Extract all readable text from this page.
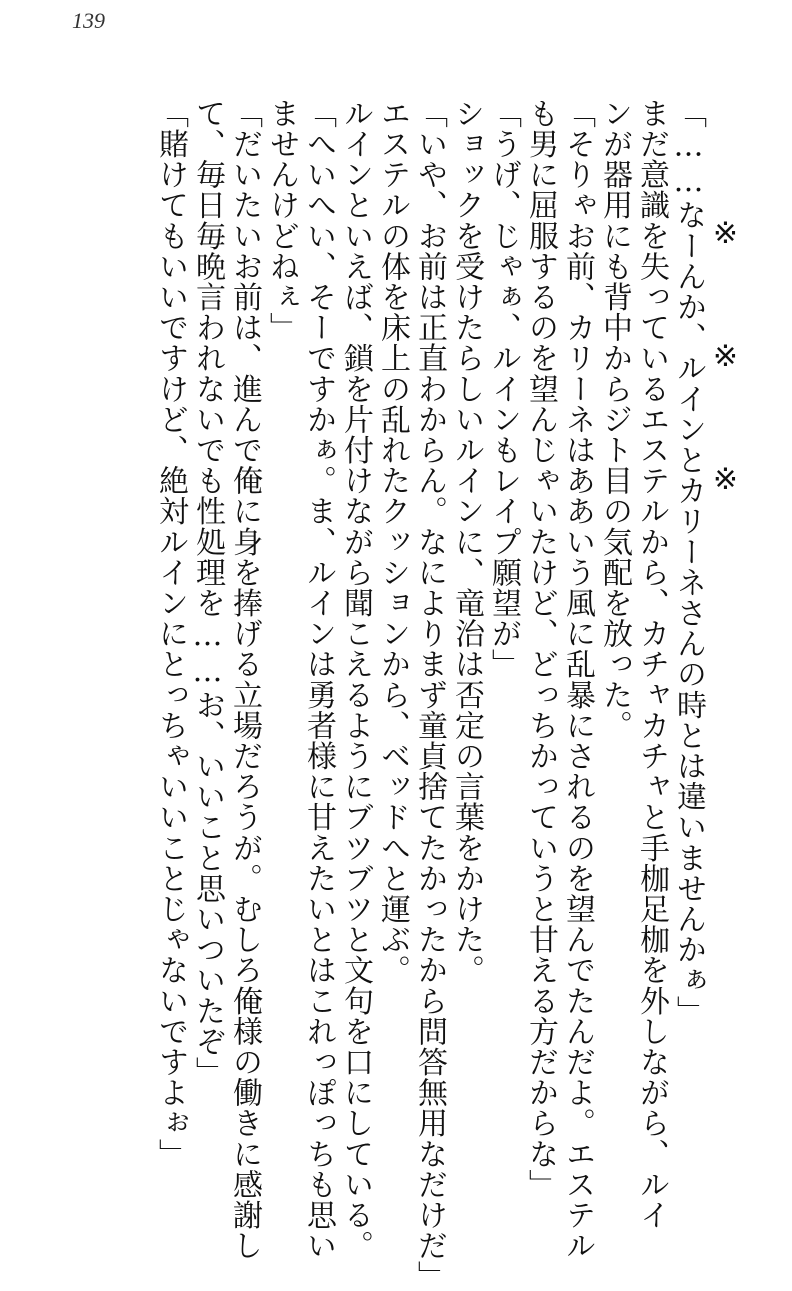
139
※※※
「……なーんか、ルインとカリーネさんの時とは違いませんかぁ」
まだ意識を失っているエステルから、カチャカチャと手枷足枷を外しながら、ルイ
ンが器用にも背中からジト目の気配を放った。
「そりゃお前、カリーネはああいう風に乱暴にされるのを望んでたんだよ。エステル
も男に屈服するのを望んじゃいたけど、どっちかっていうと甘える方だからな」
「うげ、じゃぁ、ルインもレイプ願望が」
ショックを受けたらしいルインに、竜治は否定の言葉をかけた。
「いや、お前は正直わからん。なによりまず童貞捨てたかったから問答無用なだけだ」
エステルの体を床上の乱れたクッションから、ベッドへと運ぶ。
ルインといえば、鎖を片付けながら聞こえるようにブツブツと文句を口にしている。
「へいへい、そーですかぁ。ま、ルインは勇者様に甘えたいとはこれっぽっちも思い
ませんけどねぇ」
「だいたいお前は、進んで俺に身を捧げる立場だろうが。むしろ俺様の働きに感謝し
て、毎日毎晩言われないでも性処理を……お、いいこと思いついたぞ」
「賭けてもいいですけど、絶対ルインにとっちゃいいことじゃないですよぉ」
